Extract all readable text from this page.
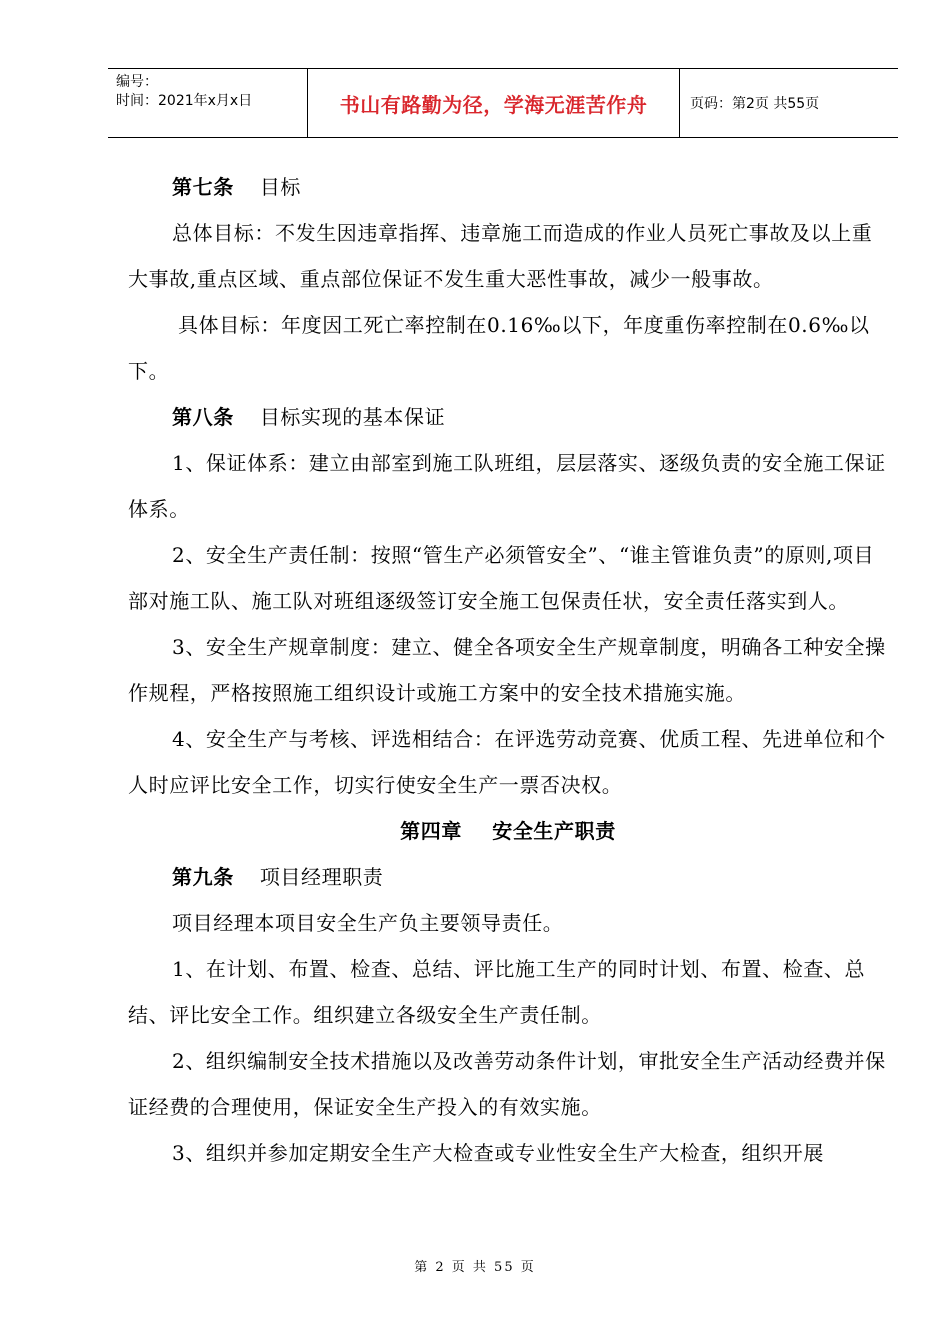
编号：
时间：2021年x月x日	书山有路勤为径，学海无涯苦作舟	页码：第2页 共55页

第七条 目标

总体目标：不发生因违章指挥、违章施工而造成的作业人员死亡事故及以上重大事故,重点区域、重点部位保证不发生重大恶性事故，减少一般事故。

具体目标：年度因工死亡率控制在0.16‰以下，年度重伤率控制在0.6‰以下。

第八条 目标实现的基本保证

1、保证体系：建立由部室到施工队班组，层层落实、逐级负责的安全施工保证体系。

2、安全生产责任制：按照“管生产必须管安全”、“谁主管谁负责”的原则,项目部对施工队、施工队对班组逐级签订安全施工包保责任状，安全责任落实到人。

3、安全生产规章制度：建立、健全各项安全生产规章制度，明确各工种安全操作规程，严格按照施工组织设计或施工方案中的安全技术措施实施。

4、安全生产与考核、评选相结合：在评选劳动竞赛、优质工程、先进单位和个人时应评比安全工作，切实行使安全生产一票否决权。

第四章    安全生产职责

第九条 项目经理职责

项目经理本项目安全生产负主要领导责任。

1、在计划、布置、检查、总结、评比施工生产的同时计划、布置、检查、总结、评比安全工作。组织建立各级安全生产责任制。

2、组织编制安全技术措施以及改善劳动条件计划，审批安全生产活动经费并保证经费的合理使用，保证安全生产投入的有效实施。

3、组织并参加定期安全生产大检查或专业性安全生产大检查，组织开展

第 2 页 共 55 页
